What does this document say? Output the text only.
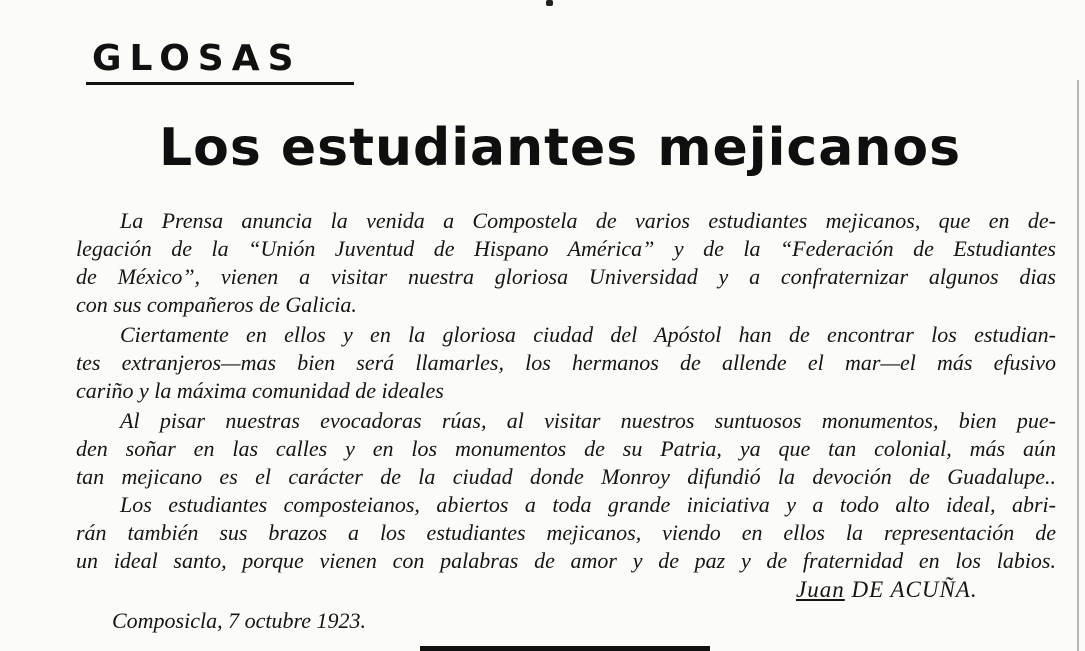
GLOSAS
Los estudiantes mejicanos
La Prensa anuncia la venida a Compostela de varios estudiantes mejicanos, que en de-
legación de la “Unión Juventud de Hispano América” y de la “Federación de Estudiantes
de México”, vienen a visitar nuestra gloriosa Universidad y a confraternizar algunos dias
con sus compañeros de Galicia.
Ciertamente en ellos y en la gloriosa ciudad del Apóstol han de encontrar los estudian-
tes extranjeros—mas bien será llamarles, los hermanos de allende el mar—el más efusivo
cariño y la máxima comunidad de ideales
Al pisar nuestras evocadoras rúas, al visitar nuestros suntuosos monumentos, bien pue-
den soñar en las calles y en los monumentos de su Patria, ya que tan colonial, más aún
tan mejicano es el carácter de la ciudad donde Monroy difundió la devoción de Guadalupe..
Los estudiantes composteianos, abiertos a toda grande iniciativa y a todo alto ideal, abri-
rán también sus brazos a los estudiantes mejicanos, viendo en ellos la representación de
un ideal santo, porque vienen con palabras de amor y de paz y de fraternidad en los labios.
Juan DE ACUÑA.
Composicla, 7 octubre 1923.
